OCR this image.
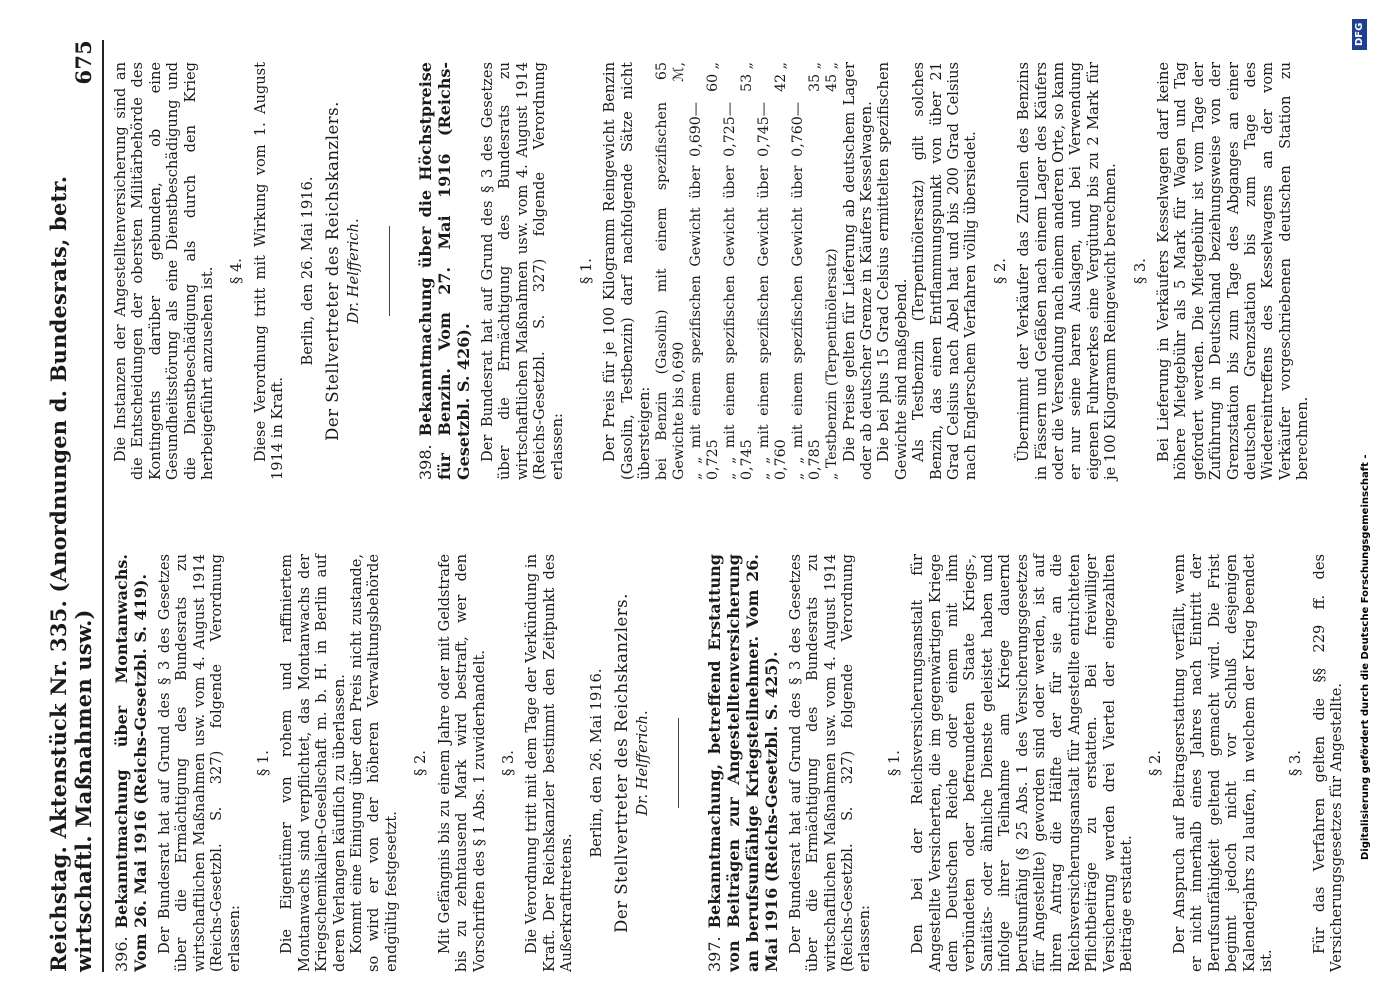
Reichstag. Aktenstück Nr. 335. (Anordnungen d. Bundesrats, betr. wirtschaftl. Maßnahmen usw.)
675
396.Bekanntmachung über Montanwachs. Vom 26. Mai 1916 (Reichs-Gesetzbl. S. 419). Der Bundesrat hat auf Grund des § 3 des Gesetzes über die Ermächtigung des Bundesrats zu wirtschaftlichen Maßnahmen usw. vom 4. August 1914 (Reichs-Gesetzbl. S. 327) folgende Verordnung erlassen:

§ 1. Die Eigentümer von rohem und raffiniertem Montanwachs sind verpflichtet, das Montanwachs der Kriegschemikalien-Gesellschaft m. b. H. in Berlin auf deren Verlangen käuflich zu überlassen. Kommt eine Einigung über den Preis nicht zustande, so wird er von der höheren Verwaltungsbehörde endgültig festgesetzt.

§ 2. Mit Gefängnis bis zu einem Jahre oder mit Geldstrafe bis zu zehntausend Mark wird bestraft, wer den Vorschriften des § 1 Abs. 1 zuwiderhandelt. § 3. Die Verordnung tritt mit dem Tage der Verkündung in Kraft. Der Reichskanzler bestimmt den Zeitpunkt des Außerkrafttretens.

Berlin, den 26. Mai 1916. Der Stellvertreter des Reichskanzlers. Dr. Helfferich.
397.Bekanntmachung, betreffend Erstattung von Beiträgen zur Angestelltenversicherung an berufsunfähige Kriegsteilnehmer. Vom 26. Mai 1916 (Reichs-Gesetzbl. S. 425). Der Bundesrat hat auf Grund des § 3 des Gesetzes über die Ermächtigung des Bundesrats zu wirtschaftlichen Maßnahmen usw. vom 4. August 1914 (Reichs-Gesetzbl. S. 327) folgende Verordnung erlassen:

§ 1. Den bei der Reichsversicherungsanstalt für Angestellte Versicherten, die im gegenwärtigen Kriege dem Deutschen Reiche oder einem mit ihm verbündeten oder befreundeten Staate Kriegs-, Sanitäts- oder ähnliche Dienste geleistet haben und infolge ihrer Teilnahme am Kriege dauernd berufsunfähig (§ 25 Abs. 1 des Versicherungsgesetzes für Angestellte) geworden sind oder werden, ist auf ihren Antrag die Hälfte der für sie an die Reichsversicherungsanstalt für Angestellte entrichteten Pflichtbeiträge zu erstatten. Bei freiwilliger Versicherung werden drei Viertel der eingezahlten Beiträge erstattet.

§ 2. Der Anspruch auf Beitragserstattung verfällt, wenn er nicht innerhalb eines Jahres nach Eintritt der Berufsunfähigkeit geltend gemacht wird. Die Frist beginnt jedoch nicht vor Schluß desjenigen Kalenderjahrs zu laufen, in welchem der Krieg beendet ist.

§ 3. Für das Verfahren gelten die §§ 229 ff. des Versicherungsgesetzes für Angestellte.

Die Instanzen der Angestelltenversicherung sind an die Entscheidungen der obersten Militärbehörde des Kontingents darüber gebunden, ob eine Gesundheitsstörung als eine Dienstbeschädigung und die Dienstbeschädigung als durch den Krieg herbeigeführt anzusehen ist. § 4. Diese Verordnung tritt mit Wirkung vom 1. August 1914 in Kraft.

Berlin, den 26. Mai 1916. Der Stellvertreter des Reichskanzlers. Dr. Helfferich.
398.Bekanntmachung über die Höchstpreise für Benzin. Vom 27. Mai 1916 (Reichs-Gesetzbl. S. 426). Der Bundesrat hat auf Grund des § 3 des Gesetzes über die Ermächtigung des Bundesrats zu wirtschaftlichen Maßnahmen usw. vom 4. August 1914 (Reichs-Gesetzbl. S. 327) folgende Verordnung erlassen:

§ 1. Der Preis für je 100 Kilogramm Reingewicht Benzin (Gasolin, Testbenzin) darf nachfolgende Sätze nicht übersteigen: bei Benzin (Gasolin) mit einem spezifischen Gewichte bis 0,690	65 ℳ,
„ „ mit einem spezifischen Gewicht über 0,690—0,725	60 „
„ „ mit einem spezifischen Gewicht über 0,725—0,745	53 „
„ „ mit einem spezifischen Gewicht über 0,745—0,760	42 „
„ „ mit einem spezifischen Gewicht über 0,760—0,785	35 „
„ Testbenzin (Terpentinölersatz)	45 „ Die Preise gelten für Lieferung ab deutschem Lager oder ab deutscher Grenze in Käufers Kesselwagen. Die bei plus 15 Grad Celsius ermittelten spezifischen Gewichte sind maßgebend. Als Testbenzin (Terpentinölersatz) gilt solches Benzin, das einen Entflammungspunkt von über 21 Grad Celsius nach Abel hat und bis 200 Grad Celsius nach Englerschem Verfahren völlig übersiedet. § 2. Übernimmt der Verkäufer das Zurollen des Benzins in Fässern und Gefäßen nach einem Lager des Käufers oder die Versendung nach einem anderen Orte, so kann er nur seine baren Auslagen, und bei Verwendung eigenen Fuhrwerkes eine Vergütung bis zu 2 Mark für je 100 Kilogramm Reingewicht berechnen. § 3. Bei Lieferung in Verkäufers Kesselwagen darf keine höhere Mietgebühr als 5 Mark für Wagen und Tag gefordert werden. Die Mietgebühr ist vom Tage der Zuführung in Deutschland beziehungsweise von der Grenzstation bis zum Tage des Abganges an einer deutschen Grenzstation bis zum Tage des Wiedereintreffens des Kesselwagens an der vom Verkäufer vorgeschriebenen deutschen Station zu berechnen.

Digitalisierung gefördert durch die Deutsche Forschungsgemeinschaft -
DFG
